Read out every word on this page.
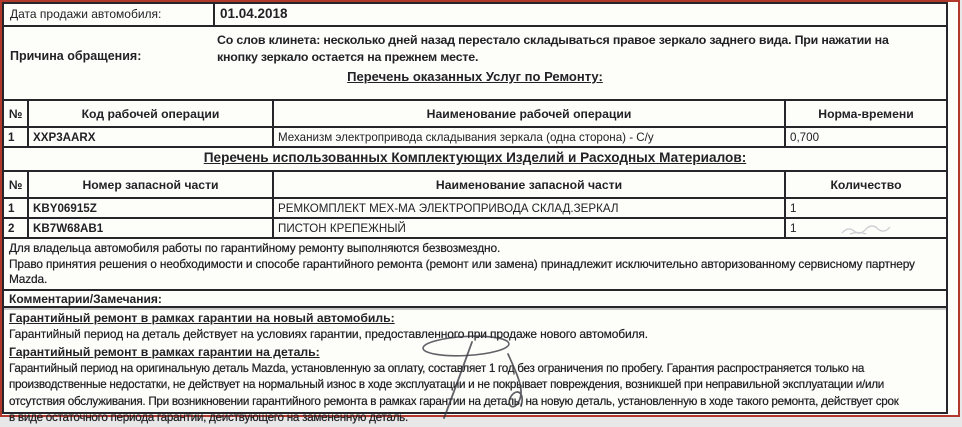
Дата продажи автомобиля:	01.04.2018
Причина обращения:
Со слов клинета: несколько дней назад перестало складываться правое зеркало заднего вида. При нажатии на
кнопку зеркало остается на прежнем месте.
Перечень оказанных Услуг по Ремонту:
№	Код рабочей операции	Наименование рабочей операции	Норма-времени
1	XXP3AARX	Механизм электропривода складывания зеркала (одна сторона) - С/у	0,700
Перечень использованных Комплектующих Изделий и Расходных Материалов:
№	Номер запасной части	Наименование запасной части	Количество
1	KBY06915Z	РЕМКОМПЛЕКТ МЕХ-МА ЭЛЕКТРОПРИВОДА СКЛАД.ЗЕРКАЛ	1
2	KB7W68AB1	ПИСТОН КРЕПЕЖНЫЙ	1
Для владельца автомобиля работы по гарантийному ремонту выполняются безвозмездно.
Право принятия решения о необходимости и способе гарантийного ремонта (ремонт или замена) принадлежит исключительно авторизованному сервисному партнеру
Mazda.
Комментарии/Замечания:
Гарантийный ремонт в рамках гарантии на новый автомобиль:
Гарантийный период на деталь действует на условиях гарантии, предоставленного при продаже нового автомобиля.
Гарантийный ремонт в рамках гарантии на деталь:
Гарантийный период на оригинальную деталь Mazda, установленную за оплату, составляет 1 год без ограничения по пробегу. Гарантия распространяется только на
производственные недостатки, не действует на нормальный износ в ходе эксплуатации и не покрывает повреждения, возникшей при неправильной эксплуатации и/или
отсутствия обслуживания. При возникновении гарантийного ремонта в рамках гарантии на деталь, на новую деталь, установленную в ходе такого ремонта, действует срок
в виде остаточного периода гарантии, действующего на замененную деталь.
